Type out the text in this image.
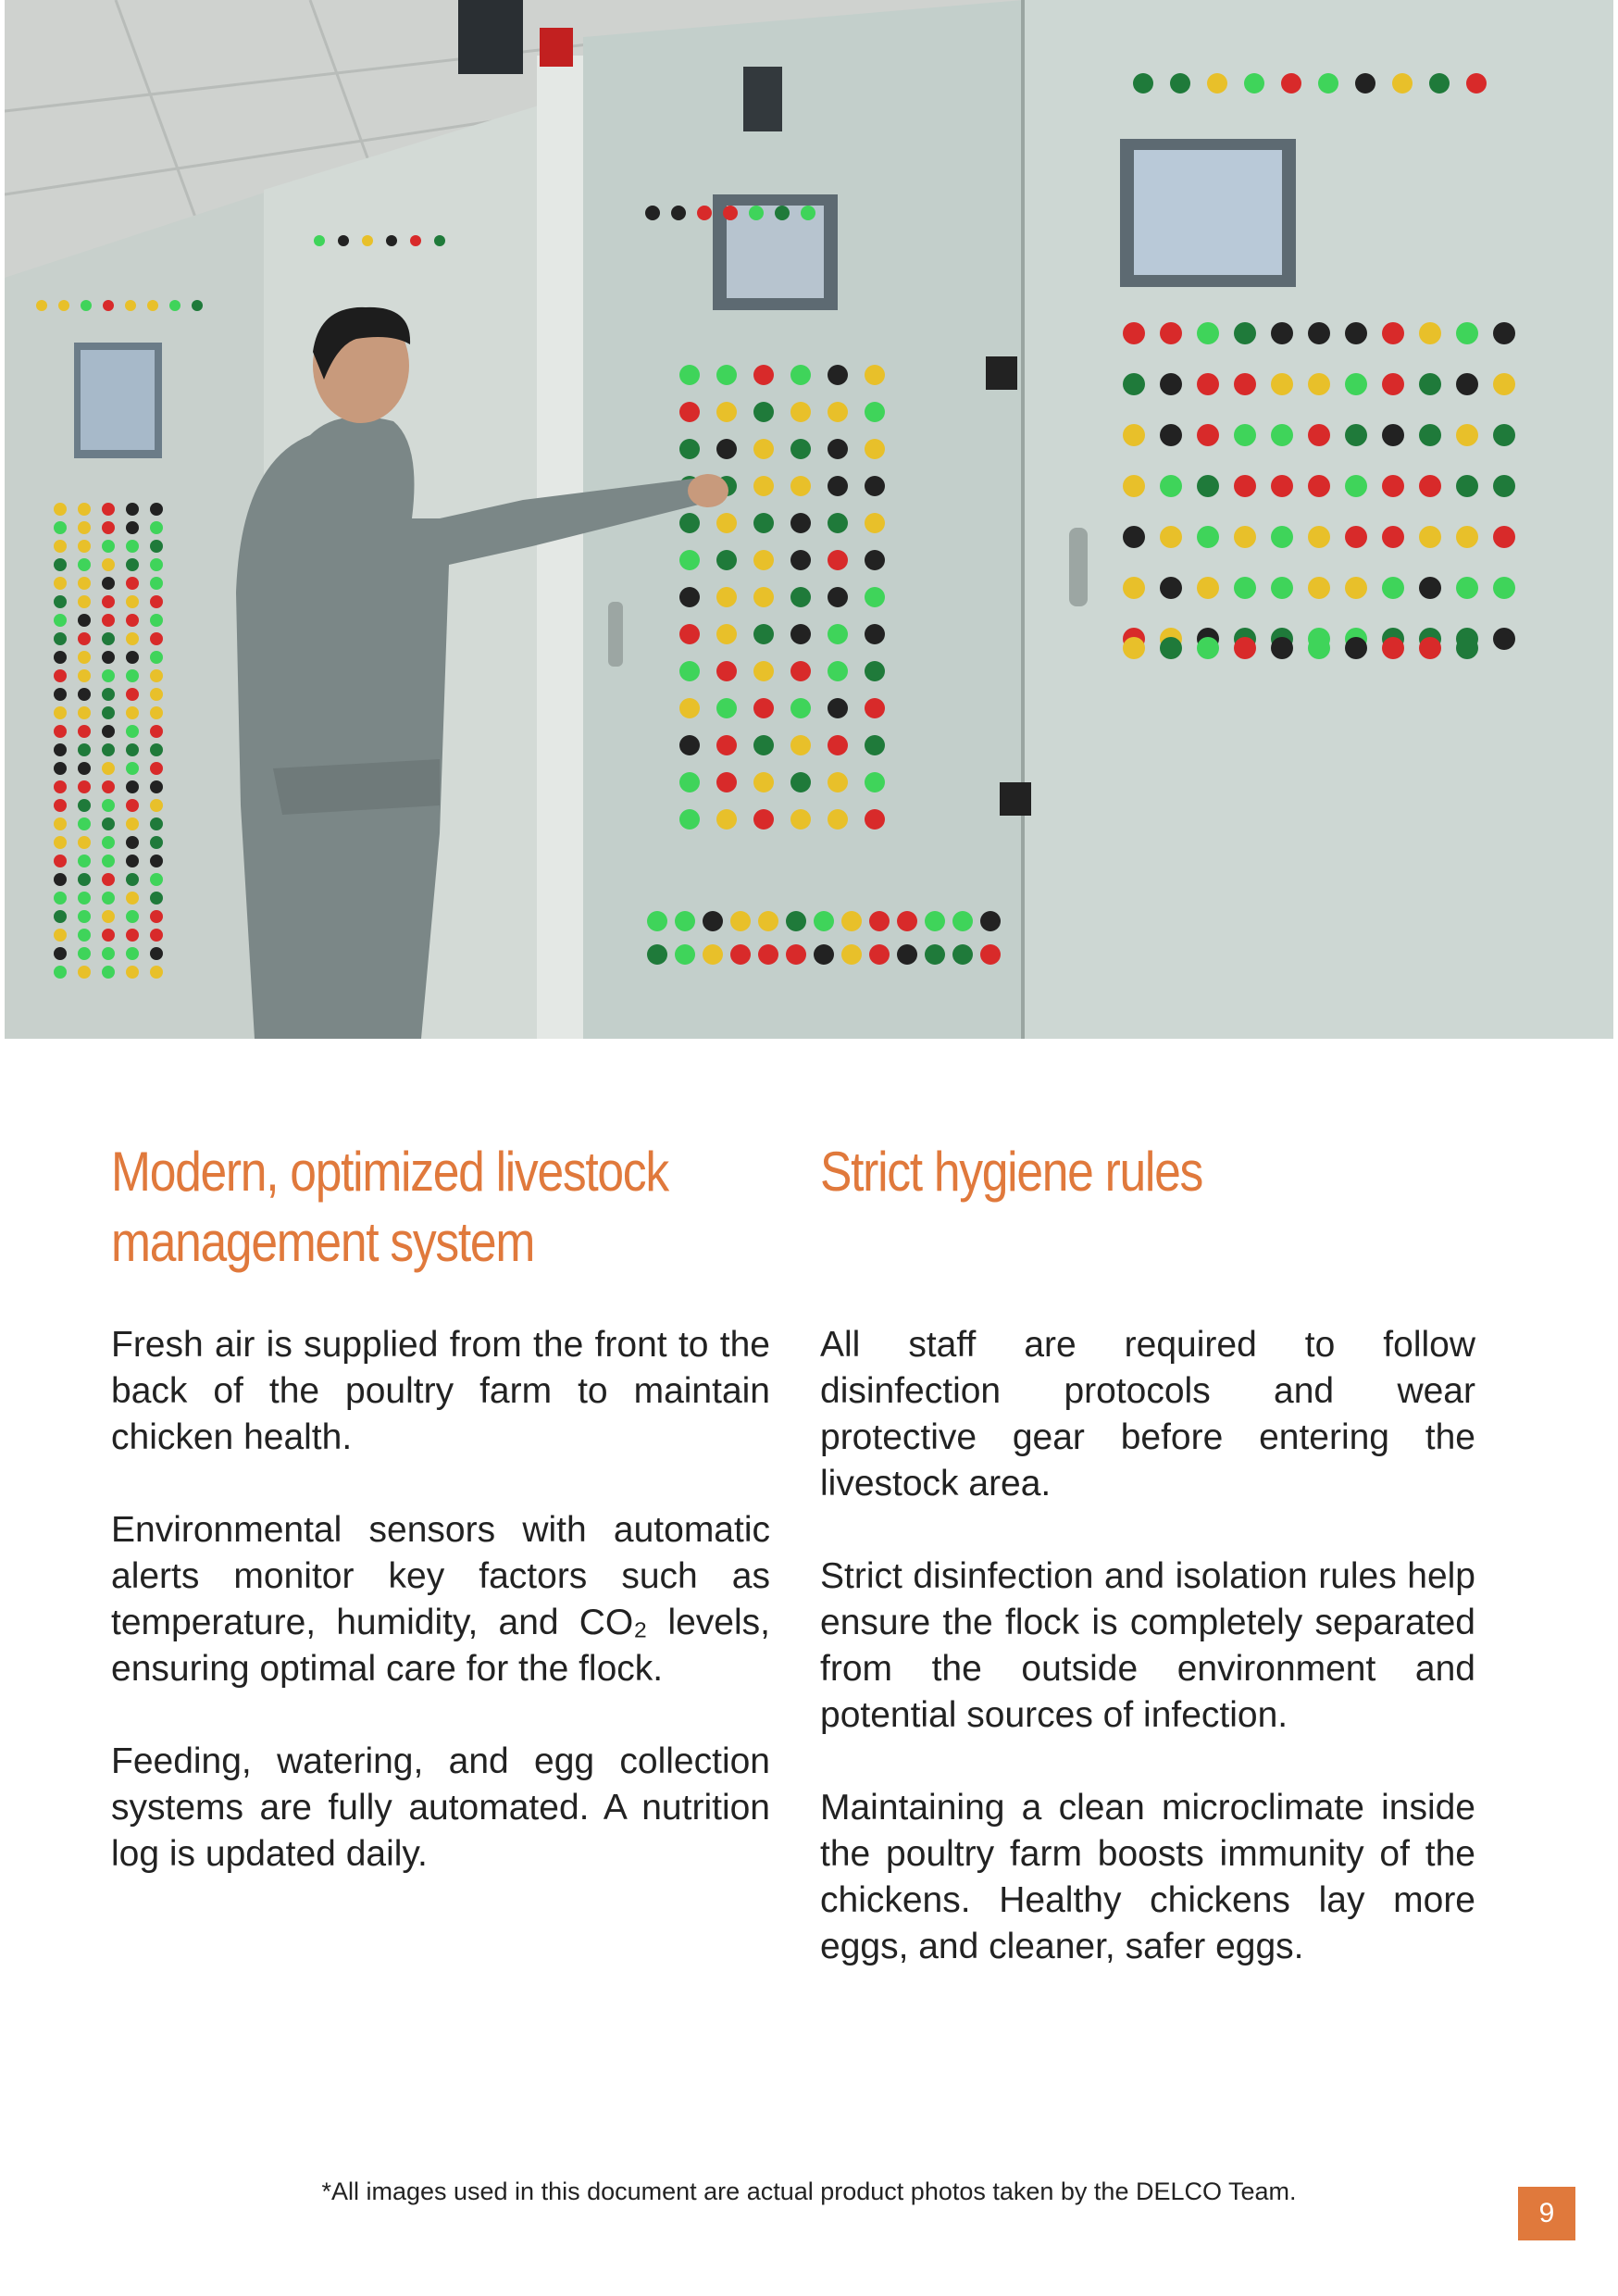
Modern, optimized livestock
management system

Fresh air is supplied from the front to the back of the poultry farm to maintain chicken health.

Environmental sensors with automatic alerts monitor key factors such as temperature, humidity, and CO₂ levels, ensuring optimal care for the flock.

Feeding, watering, and egg collection systems are fully automated. A nutrition log is updated daily.

Strict hygiene rules

All staff are required to follow disinfection protocols and wear protective gear before entering the livestock area.

Strict disinfection and isolation rules help ensure the flock is completely separated from the outside environment and potential sources of infection.

Maintaining a clean microclimate inside the poultry farm boosts immunity of the chickens. Healthy chickens lay more eggs, and cleaner, safer eggs.

*All images used in this document are actual product photos taken by the DELCO Team.
9
